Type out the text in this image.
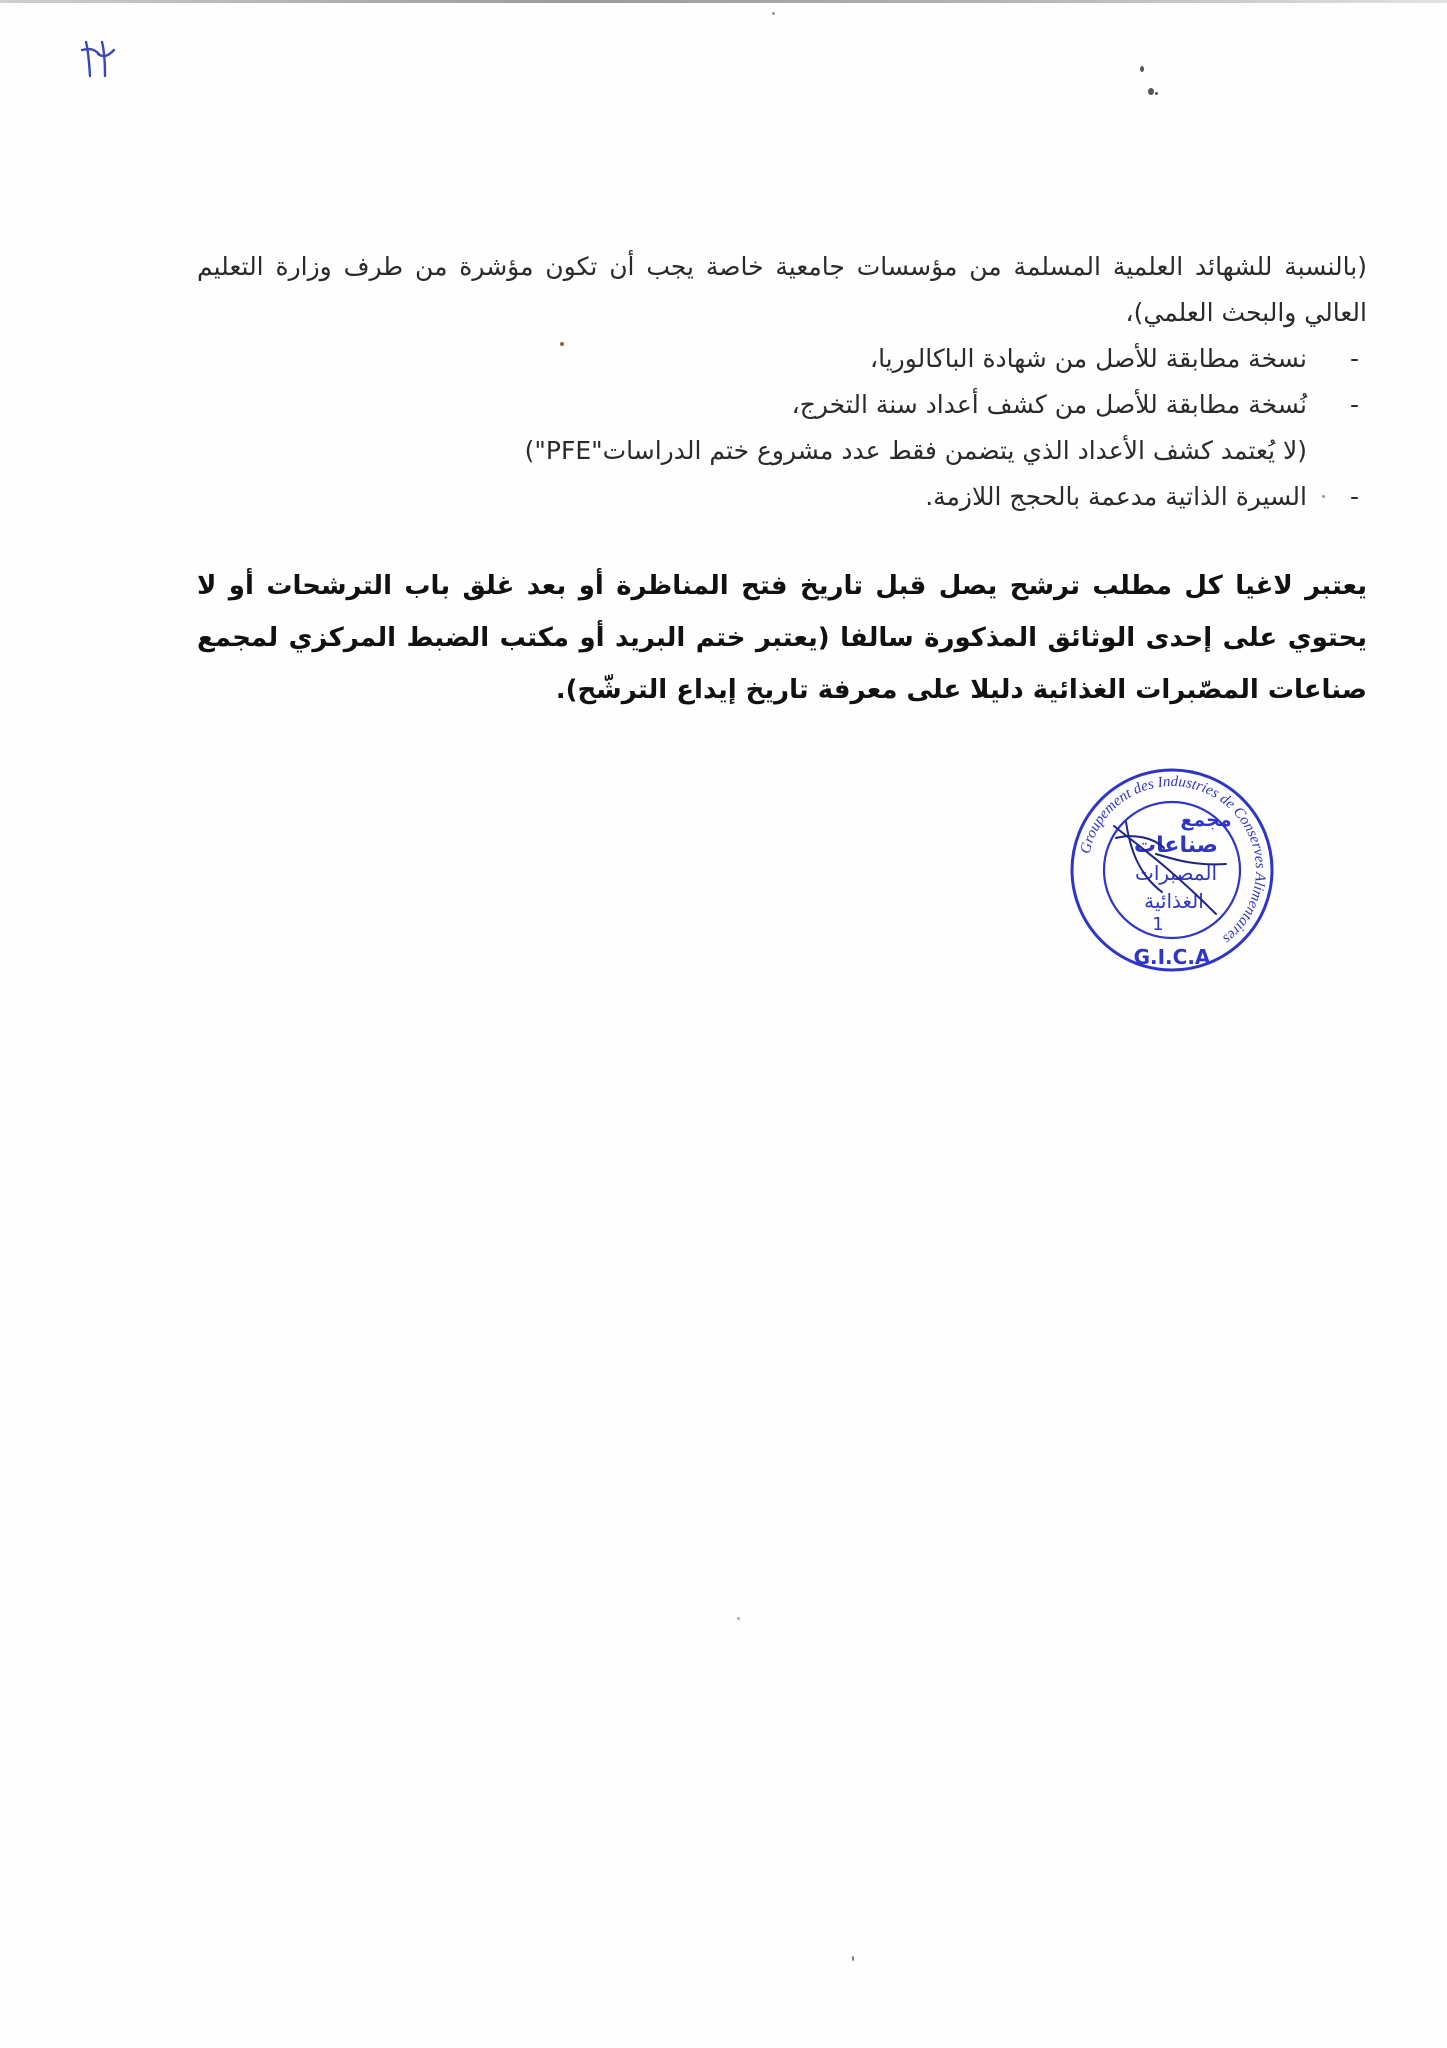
(بالنسبة للشهائد العلمية المسلمة من مؤسسات جامعية خاصة يجب أن تكون مؤشرة من طرف وزارة التعليم العالي والبحث العلمي)،

-
نسخة مطابقة للأصل من شهادة الباكالوريا،
-
نُسخة مطابقة للأصل من كشف أعداد سنة التخرج،
(لا يُعتمد كشف الأعداد الذي يتضمن فقط عدد مشروع ختم الدراسات"PFE")
-
السيرة الذاتية مدعمة بالحجج اللازمة.

يعتبر لاغيا كل مطلب ترشح يصل قبل تاريخ فتح المناظرة أو بعد غلق باب الترشحات أو لا يحتوي على إحدى الوثائق المذكورة سالفا (يعتبر ختم البريد أو مكتب الضبط المركزي لمجمع صناعات المصّبرات الغذائية دليلا على معرفة تاريخ إيداع الترشّح).

Groupement des Industries de Conserves Alimentaires
مجمع
صناعات
المصبرات
الغذائية
1
G.I.C.A
